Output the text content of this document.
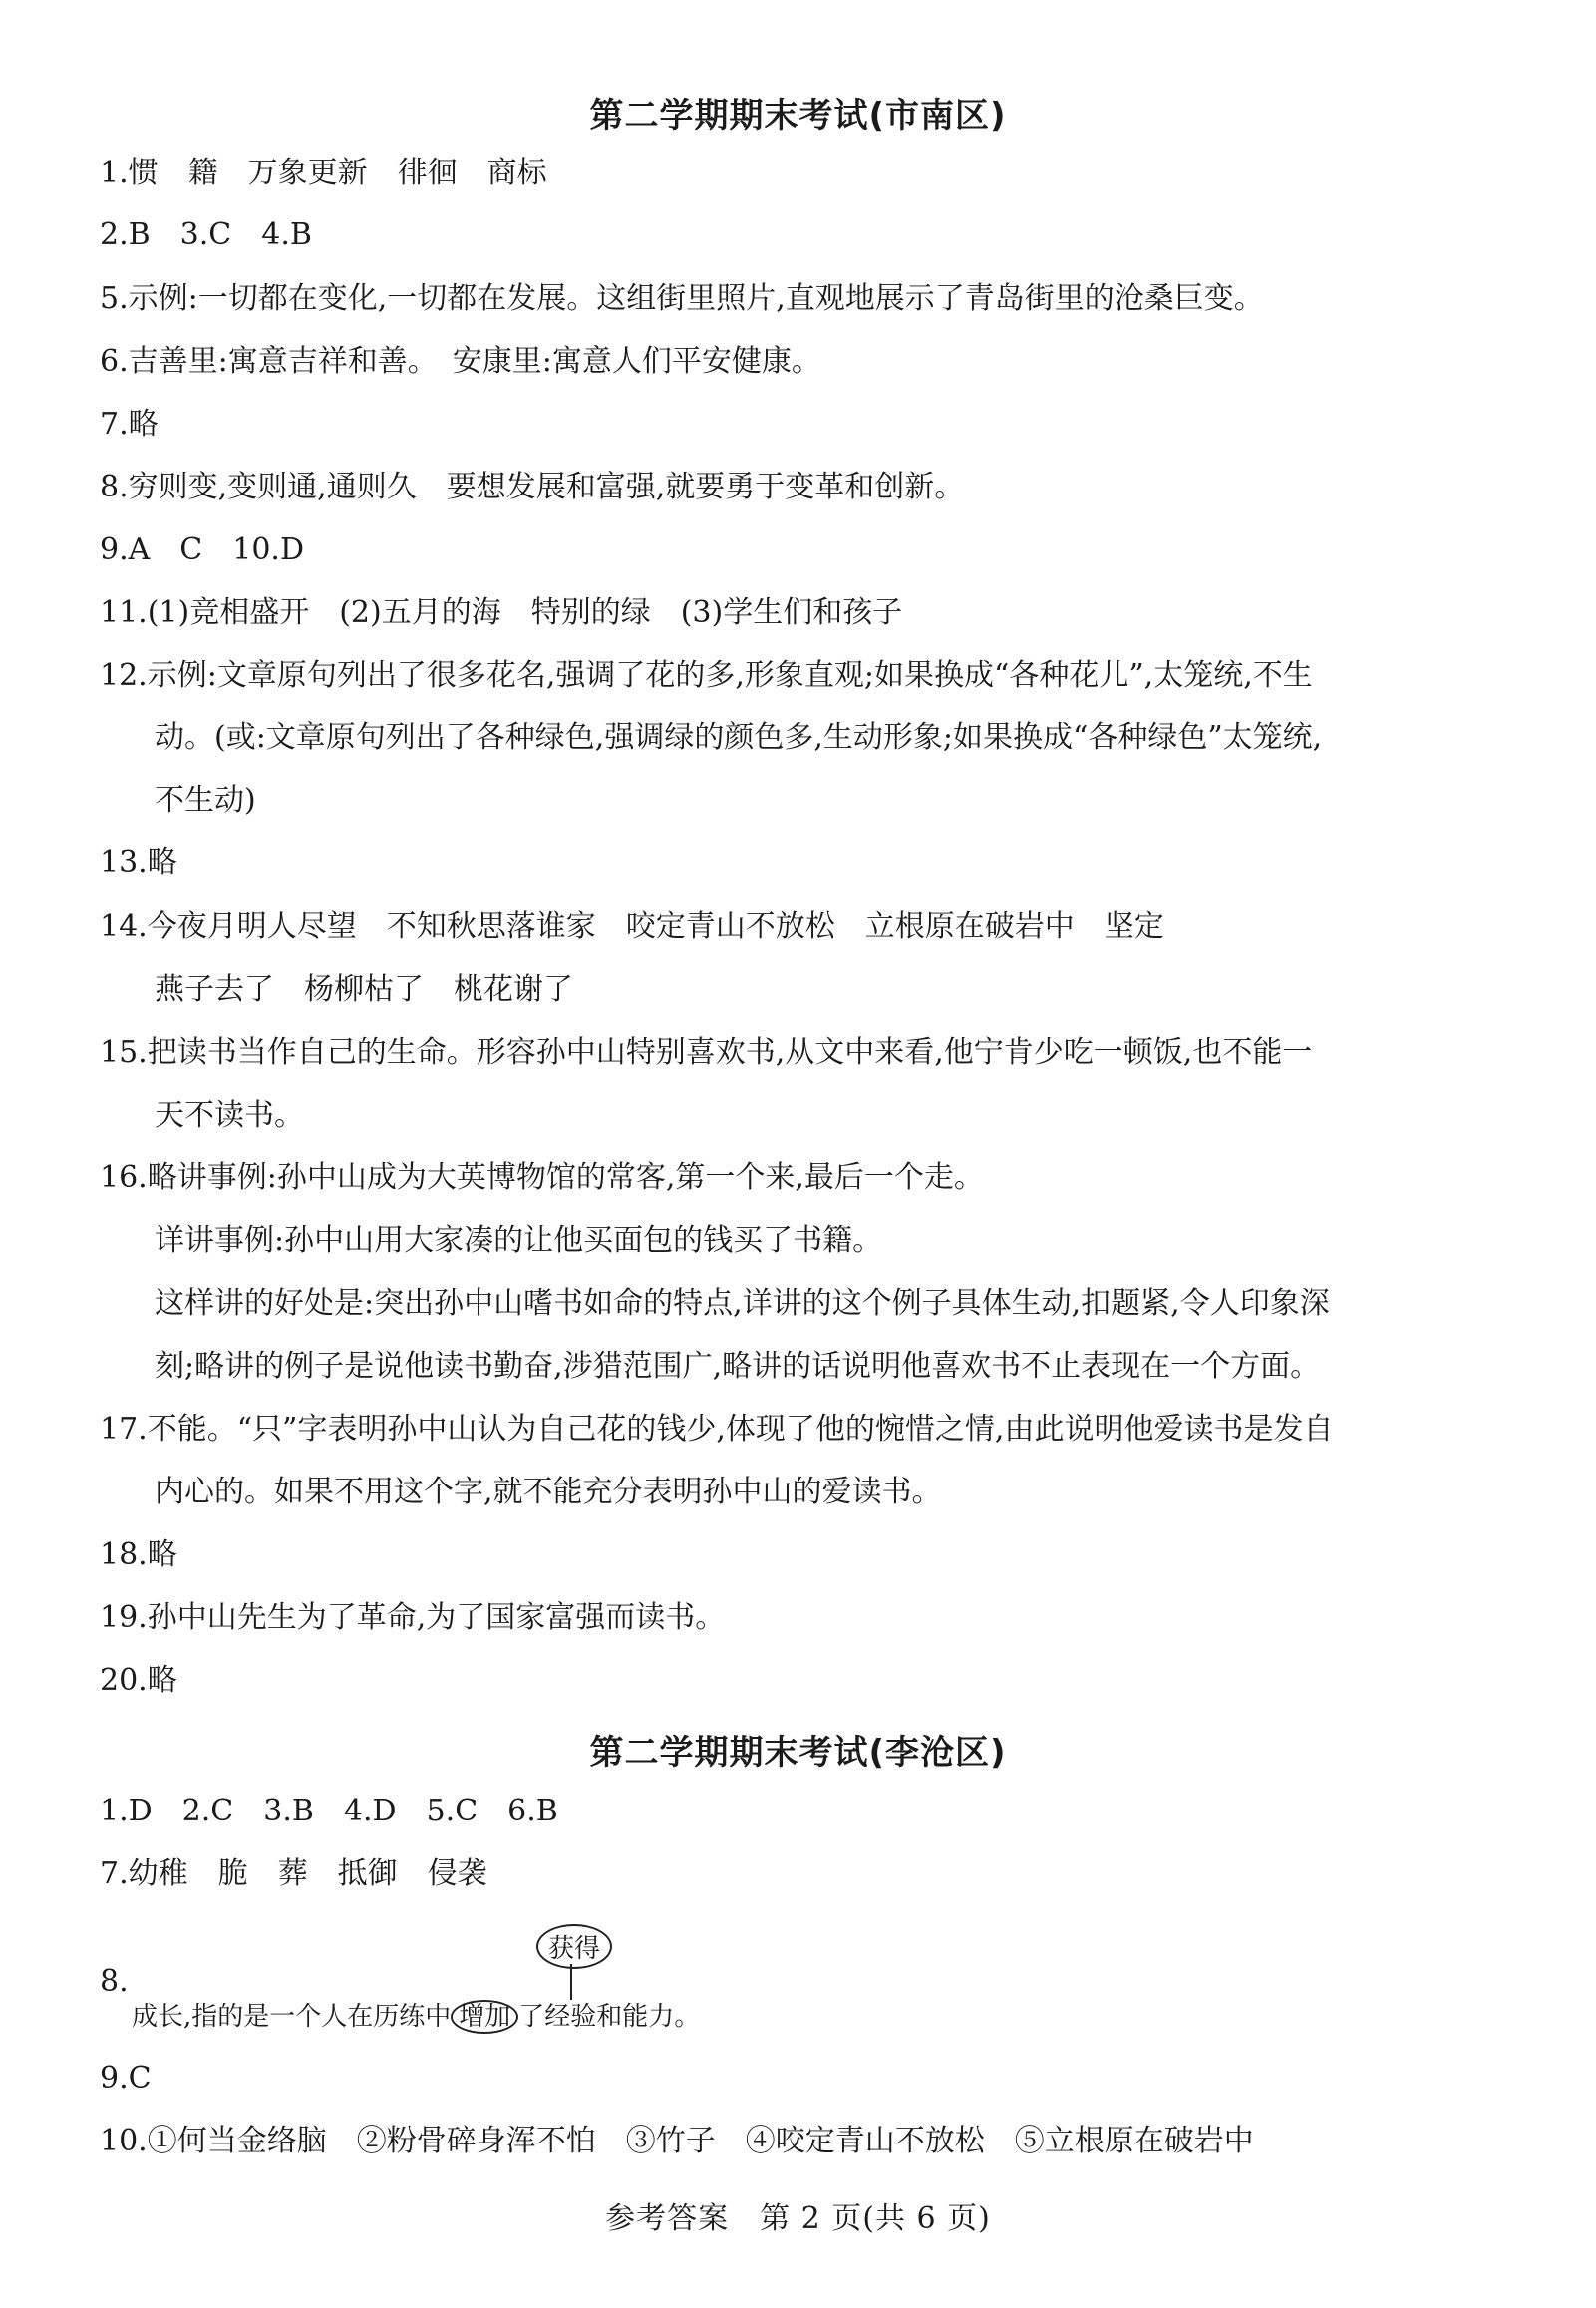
第二学期期末考试(市南区)
1.惯　籍　万象更新　徘徊　商标
2.B　3.C　4.B
5.示例:一切都在变化,一切都在发展。这组街里照片,直观地展示了青岛街里的沧桑巨变。
6.吉善里:寓意吉祥和善。　安康里:寓意人们平安健康。
7.略
8.穷则变,变则通,通则久　要想发展和富强,就要勇于变革和创新。
9.A　C　10.D
11.(1)竞相盛开　(2)五月的海　特别的绿　(3)学生们和孩子
12.示例:文章原句列出了很多花名,强调了花的多,形象直观;如果换成“各种花儿”,太笼统,不生
动。(或:文章原句列出了各种绿色,强调绿的颜色多,生动形象;如果换成“各种绿色”太笼统,
不生动)
13.略
14.今夜月明人尽望　不知秋思落谁家　咬定青山不放松　立根原在破岩中　坚定
燕子去了　杨柳枯了　桃花谢了
15.把读书当作自己的生命。形容孙中山特别喜欢书,从文中来看,他宁肯少吃一顿饭,也不能一
天不读书。
16.略讲事例:孙中山成为大英博物馆的常客,第一个来,最后一个走。
详讲事例:孙中山用大家凑的让他买面包的钱买了书籍。
这样讲的好处是:突出孙中山嗜书如命的特点,详讲的这个例子具体生动,扣题紧,令人印象深
刻;略讲的例子是说他读书勤奋,涉猎范围广,略讲的话说明他喜欢书不止表现在一个方面。
17.不能。“只”字表明孙中山认为自己花的钱少,体现了他的惋惜之情,由此说明他爱读书是发自
内心的。如果不用这个字,就不能充分表明孙中山的爱读书。
18.略
19.孙中山先生为了革命,为了国家富强而读书。
20.略
第二学期期末考试(李沧区)
1.D　2.C　3.B　4.D　5.C　6.B
7.幼稚　脆　葬　抵御　侵袭
8.
获得
成长,指的是一个人在历练中 增加 了经验和能力。
9.C
10.①何当金络脑　②粉骨碎身浑不怕　③竹子　④咬定青山不放松　⑤立根原在破岩中
参考答案　第 2 页(共 6 页)
